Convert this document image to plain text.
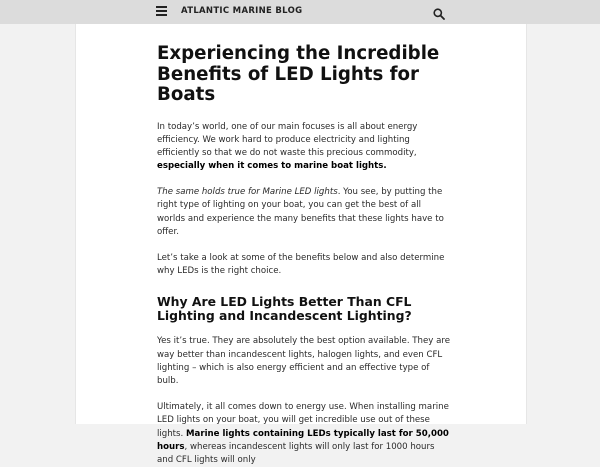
ATLANTIC MARINE BLOG
Experiencing the Incredible Benefits of LED Lights for Boats

In today’s world, one of our main focuses is all about energy efficiency. We work hard to produce electricity and lighting efficiently so that we do not waste this precious commodity, especially when it comes to marine boat lights.

The same holds true for Marine LED lights. You see, by putting the right type of lighting on your boat, you can get the best of all worlds and experience the many benefits that these lights have to offer.

Let’s take a look at some of the benefits below and also determine why LEDs is the right choice.

Why Are LED Lights Better Than CFL Lighting and Incandescent Lighting?

Yes it’s true. They are absolutely the best option available. They are way better than incandescent lights, halogen lights, and even CFL lighting – which is also energy efficient and an effective type of bulb.

Ultimately, it all comes down to energy use. When installing marine LED lights on your boat, you will get incredible use out of these lights. Marine lights containing LEDs typically last for 50,000 hours, whereas incandescent lights will only last for 1000 hours and CFL lights will only
